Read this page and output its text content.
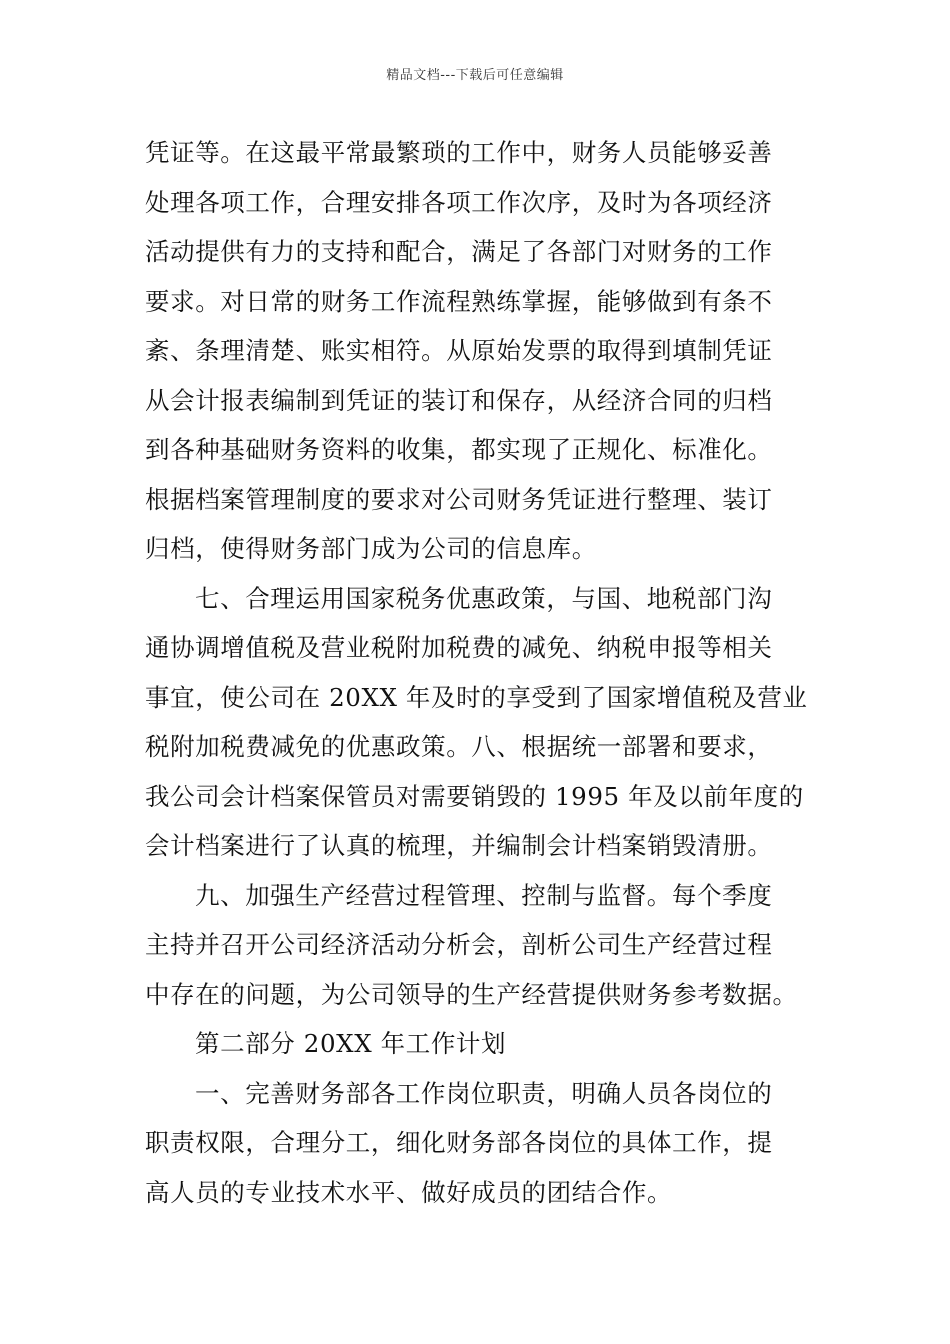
精品文档---下载后可任意编辑
凭证等。在这最平常最繁琐的工作中，财务人员能够妥善
处理各项工作，合理安排各项工作次序，及时为各项经济
活动提供有力的支持和配合，满足了各部门对财务的工作
要求。对日常的财务工作流程熟练掌握，能够做到有条不
紊、条理清楚、账实相符。从原始发票的取得到填制凭证
从会计报表编制到凭证的装订和保存，从经济合同的归档
到各种基础财务资料的收集，都实现了正规化、标准化。
根据档案管理制度的要求对公司财务凭证进行整理、装订
归档，使得财务部门成为公司的信息库。
七、合理运用国家税务优惠政策，与国、地税部门沟
通协调增值税及营业税附加税费的减免、纳税申报等相关
事宜，使公司在 20XX 年及时的享受到了国家增值税及营业
税附加税费减免的优惠政策。八、根据统一部署和要求，
我公司会计档案保管员对需要销毁的 1995 年及以前年度的
会计档案进行了认真的梳理，并编制会计档案销毁清册。
九、加强生产经营过程管理、控制与监督。每个季度
主持并召开公司经济活动分析会，剖析公司生产经营过程
中存在的问题，为公司领导的生产经营提供财务参考数据。
第二部分 20XX 年工作计划
一、完善财务部各工作岗位职责，明确人员各岗位的
职责权限，合理分工，细化财务部各岗位的具体工作，提
高人员的专业技术水平、做好成员的团结合作。
